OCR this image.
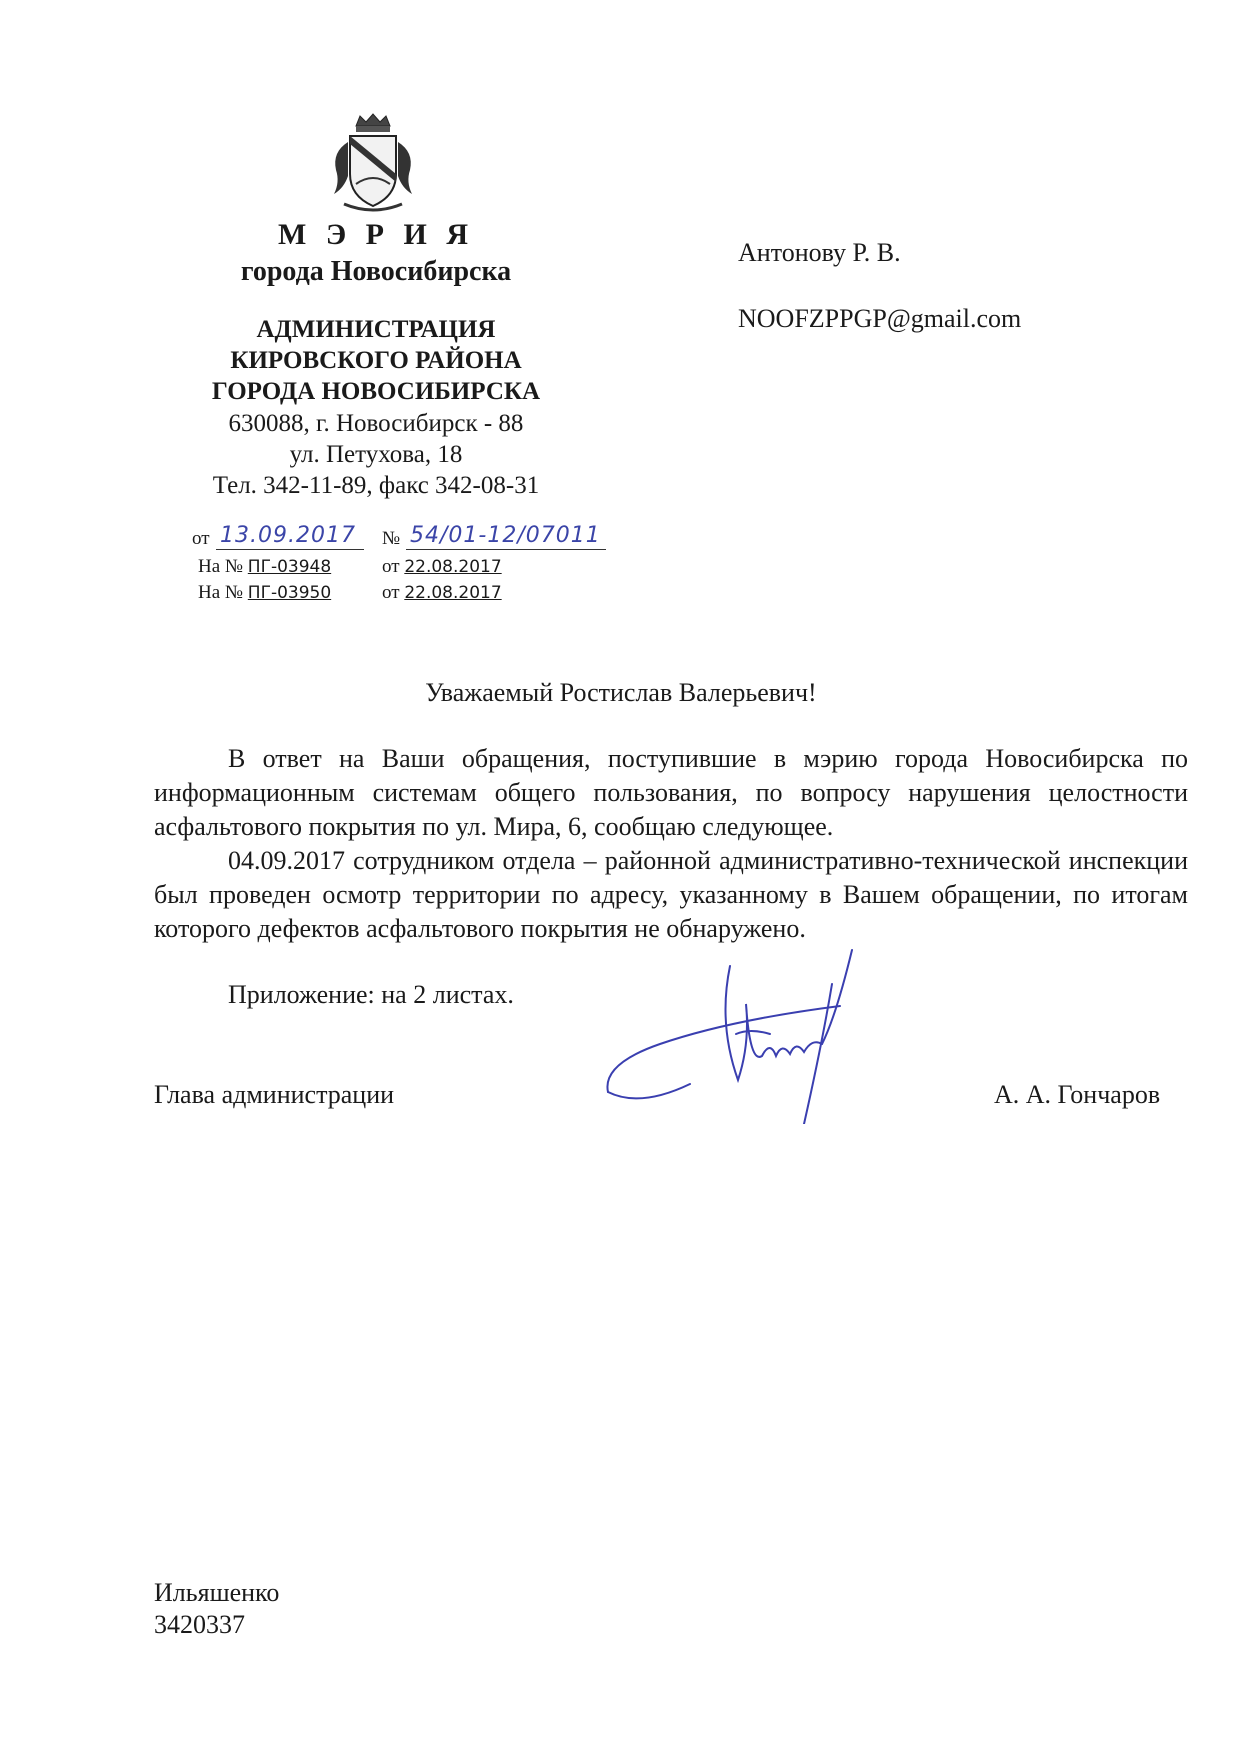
М Э Р И Я
города Новосибирска
АДМИНИСТРАЦИЯ
КИРОВСКОГО РАЙОНА
ГОРОДА НОВОСИБИРСКА
630088, г. Новосибирск - 88
ул. Петухова, 18
Тел. 342-11-89, факс 342-08-31
от 13.09.2017 № 54/01-12/07011
На № ПГ-03948	от 22.08.2017
На № ПГ-03950	от 22.08.2017
Антонову Р. В.
NOOFZPPGP@gmail.com
Уважаемый Ростислав Валерьевич!

В ответ на Ваши обращения, поступившие в мэрию города Новосибирска по информационным системам общего пользования, по вопросу нарушения целостности асфальтового покрытия по ул. Мира, 6, сообщаю следующее.

04.09.2017 сотрудником отдела – районной административно-технической инспекции был проведен осмотр территории по адресу, указанному в Вашем обращении, по итогам которого дефектов асфальтового покрытия не обнаружено.

Приложение: на 2 листах.
Глава администрации	А. А. Гончаров
Ильяшенко
3420337
